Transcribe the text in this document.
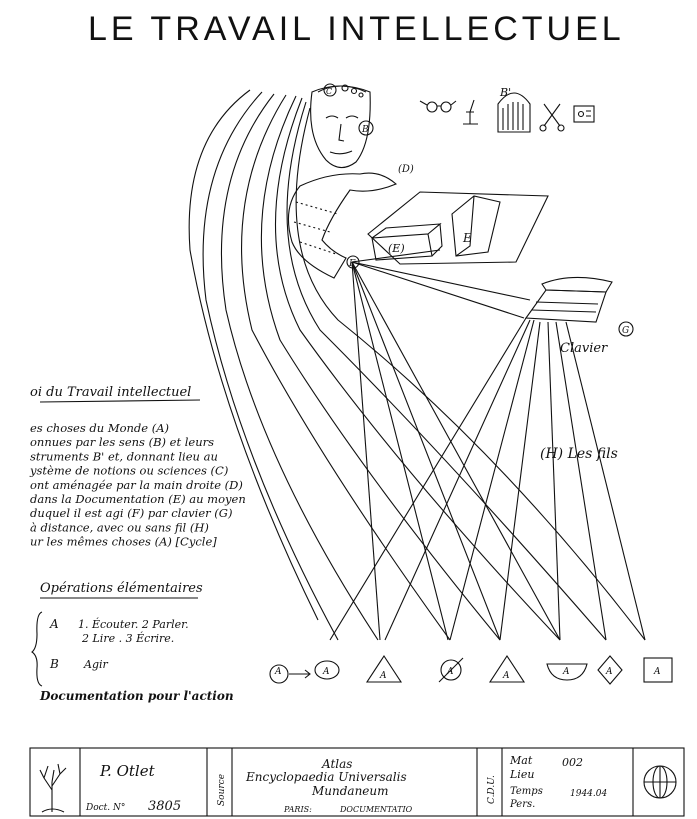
LE TRAVAIL INTELLECTUEL
B'
C
B
(E)
E
(D)
F
G
Clavier
(H) Les fils
oi du Travail intellectuel
es choses du Monde (A)
onnues par les sens (B) et leurs
struments B' et, donnant lieu au
ystème de notions ou sciences (C)
ont aménagée par la main droite (D)
dans la Documentation (E) au moyen
duquel il est agi (F) par clavier (G)
à distance, avec ou sans fil (H)
ur les mêmes choses (A) [Cycle]
Opérations élémentaires
A 1. Écouter. 2 Parler.
2 Lire . 3 Écrire.
B Agir
Documentation pour l'action
A	A	A	A	A	A	A	A
P. Otlet
Doct. N° 3805
Source
Atlas
Encyclopaedia Universalis
Mundaneum
PARIS:	DOCUMENTATIO
C.D.U.
Mat	002
Lieu
Temps	1944.04
Pers.
